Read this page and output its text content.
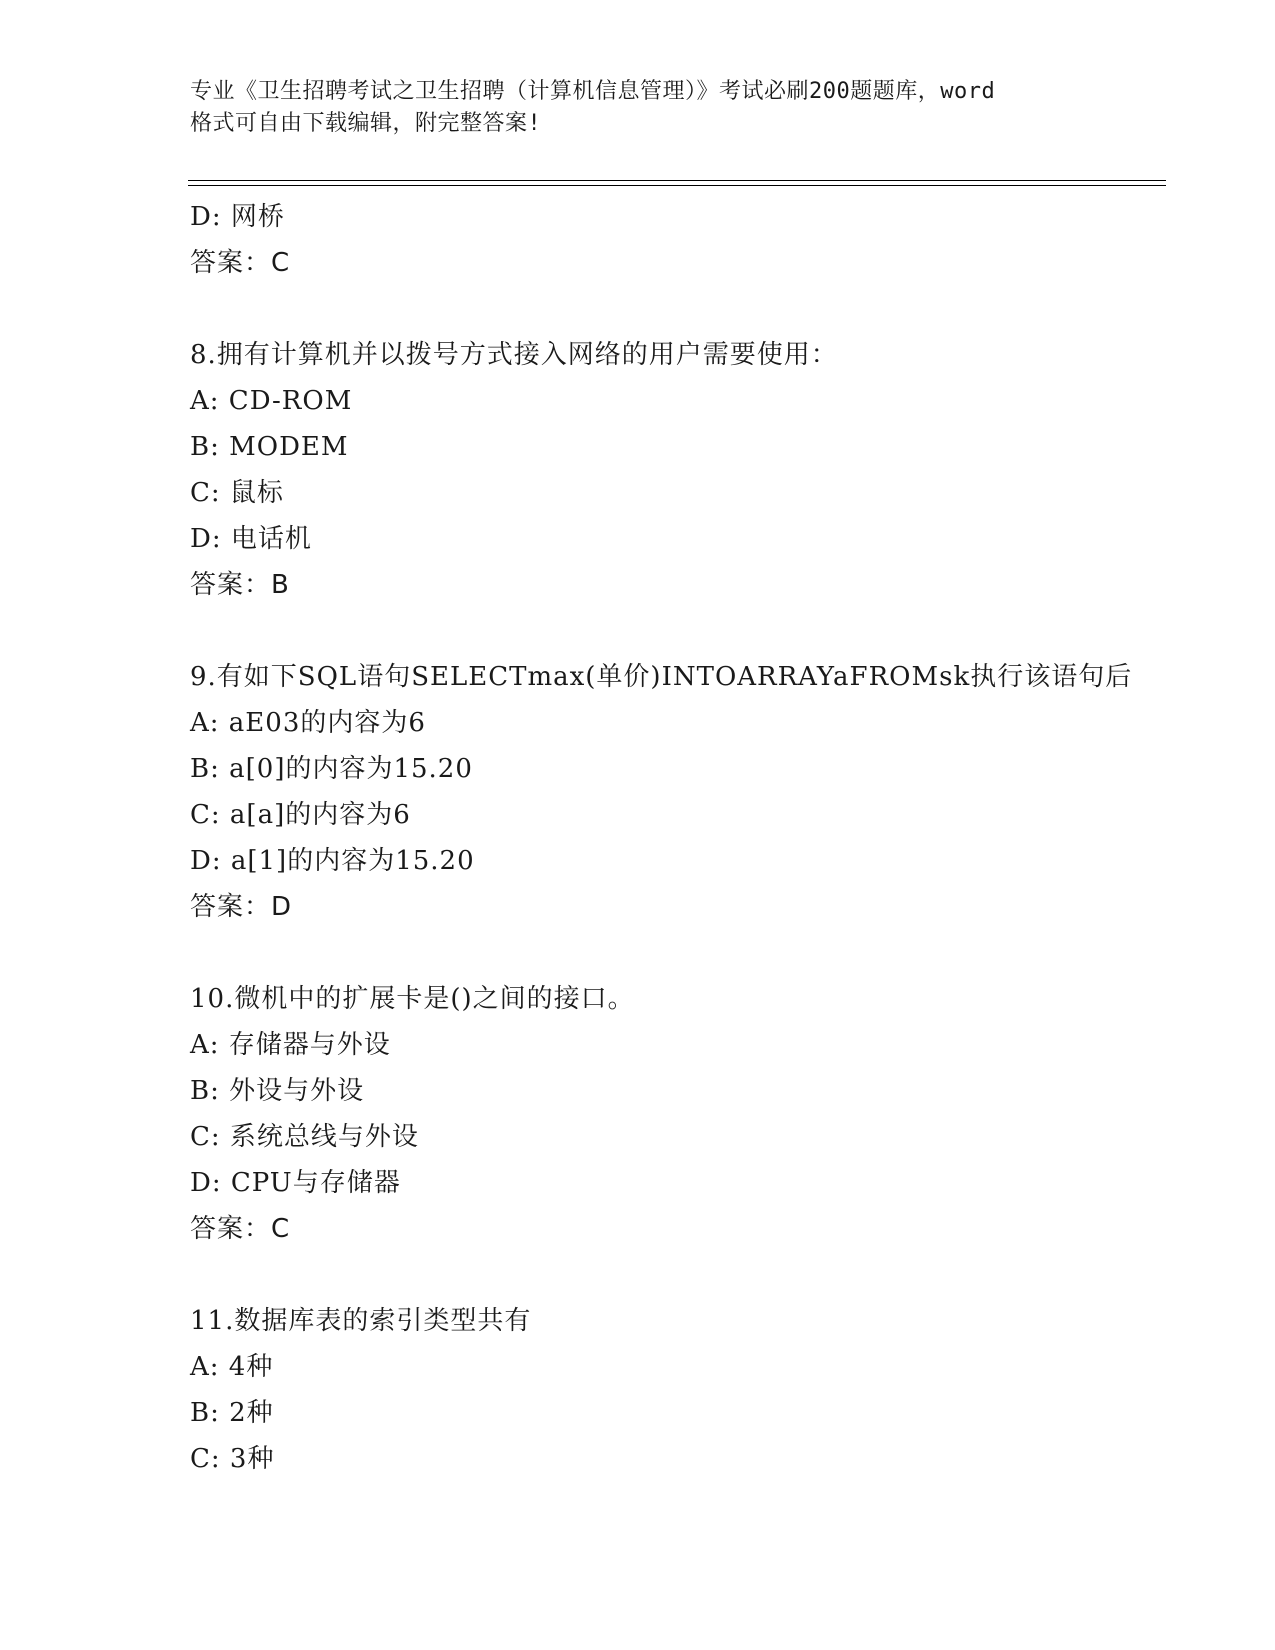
专业《卫生招聘考试之卫生招聘（计算机信息管理）》考试必刷200题题库，word
格式可自由下载编辑，附完整答案!
D: 网桥
答案：C
8.拥有计算机并以拨号方式接入网络的用户需要使用：
A: CD-ROM
B: MODEM
C: 鼠标
D: 电话机
答案：B
9.有如下SQL语句SELECTmax(单价)INTOARRAYaFROMsk执行该语句后
A: aE03的内容为6
B: a[0]的内容为15.20
C: a[a]的内容为6
D: a[1]的内容为15.20
答案：D
10.微机中的扩展卡是()之间的接口。
A: 存储器与外设
B: 外设与外设
C: 系统总线与外设
D: CPU与存储器
答案：C
11.数据库表的索引类型共有
A: 4种
B: 2种
C: 3种
